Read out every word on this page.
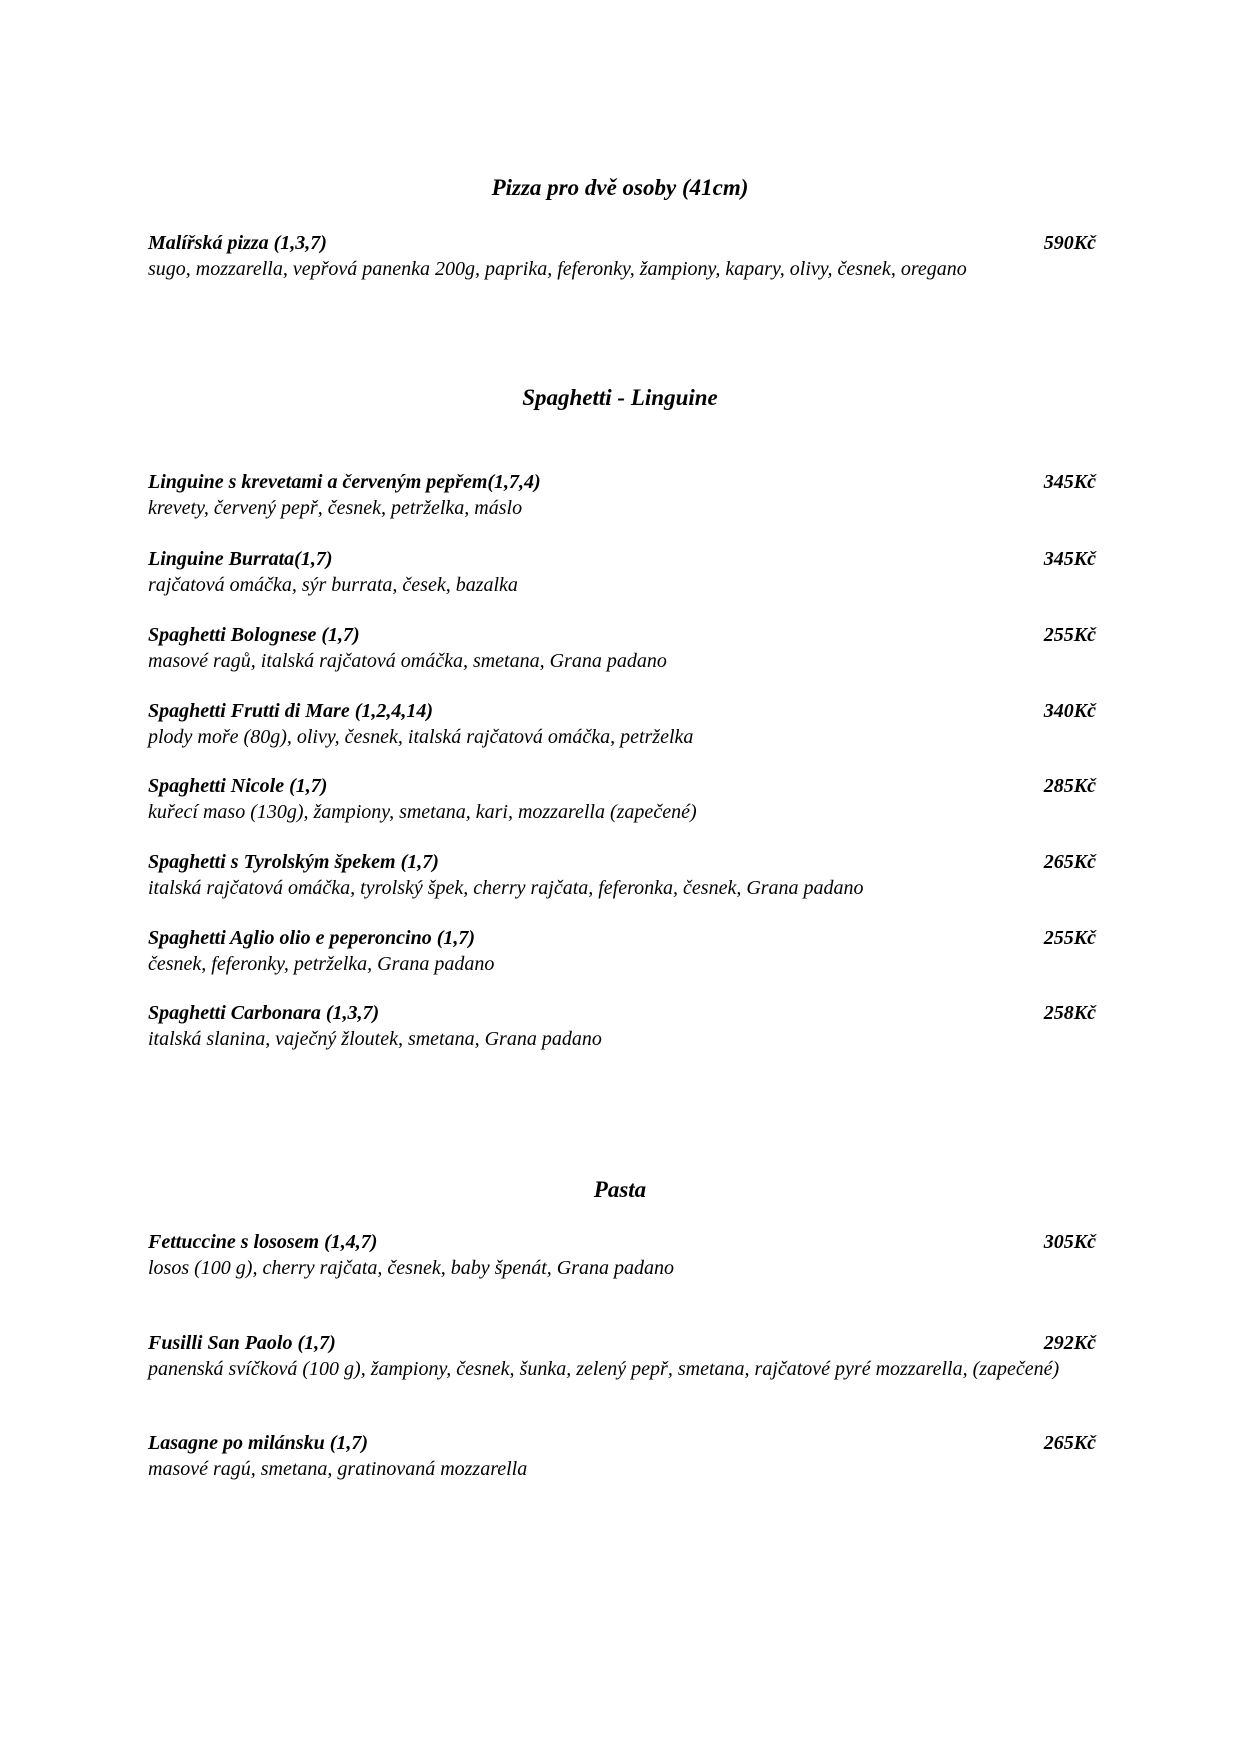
Pizza pro dvě osoby (41cm)
Malířská pizza (1,3,7)	590Kč
sugo, mozzarella, vepřová panenka 200g, paprika, feferonky, žampiony, kapary, olivy, česnek, oregano
Spaghetti - Linguine
Linguine s krevetami a červeným pepřem(1,7,4)	345Kč
krevety, červený pepř, česnek, petrželka, máslo
Linguine Burrata(1,7)	345Kč
rajčatová omáčka, sýr burrata, česek, bazalka
Spaghetti Bolognese (1,7)	255Kč
masové ragů, italská rajčatová omáčka, smetana, Grana padano
Spaghetti Frutti di Mare (1,2,4,14)	340Kč
plody moře (80g), olivy, česnek, italská rajčatová omáčka, petrželka
Spaghetti Nicole (1,7)	285Kč
kuřecí maso (130g), žampiony, smetana, kari, mozzarella (zapečené)
Spaghetti s Tyrolským špekem (1,7)	265Kč
italská rajčatová omáčka, tyrolský špek, cherry rajčata, feferonka, česnek, Grana padano
Spaghetti Aglio olio e peperoncino (1,7)	255Kč
česnek, feferonky, petrželka, Grana padano
Spaghetti Carbonara (1,3,7)	258Kč
italská slanina, vaječný žloutek, smetana, Grana padano
Pasta
Fettuccine s lososem (1,4,7)	305Kč
losos (100 g), cherry rajčata, česnek, baby špenát, Grana padano
Fusilli San Paolo (1,7)	292Kč
panenská svíčková (100 g), žampiony, česnek, šunka, zelený pepř, smetana, rajčatové pyré mozzarella, (zapečené)
Lasagne po milánsku (1,7)	265Kč
masové ragú, smetana, gratinovaná mozzarella
